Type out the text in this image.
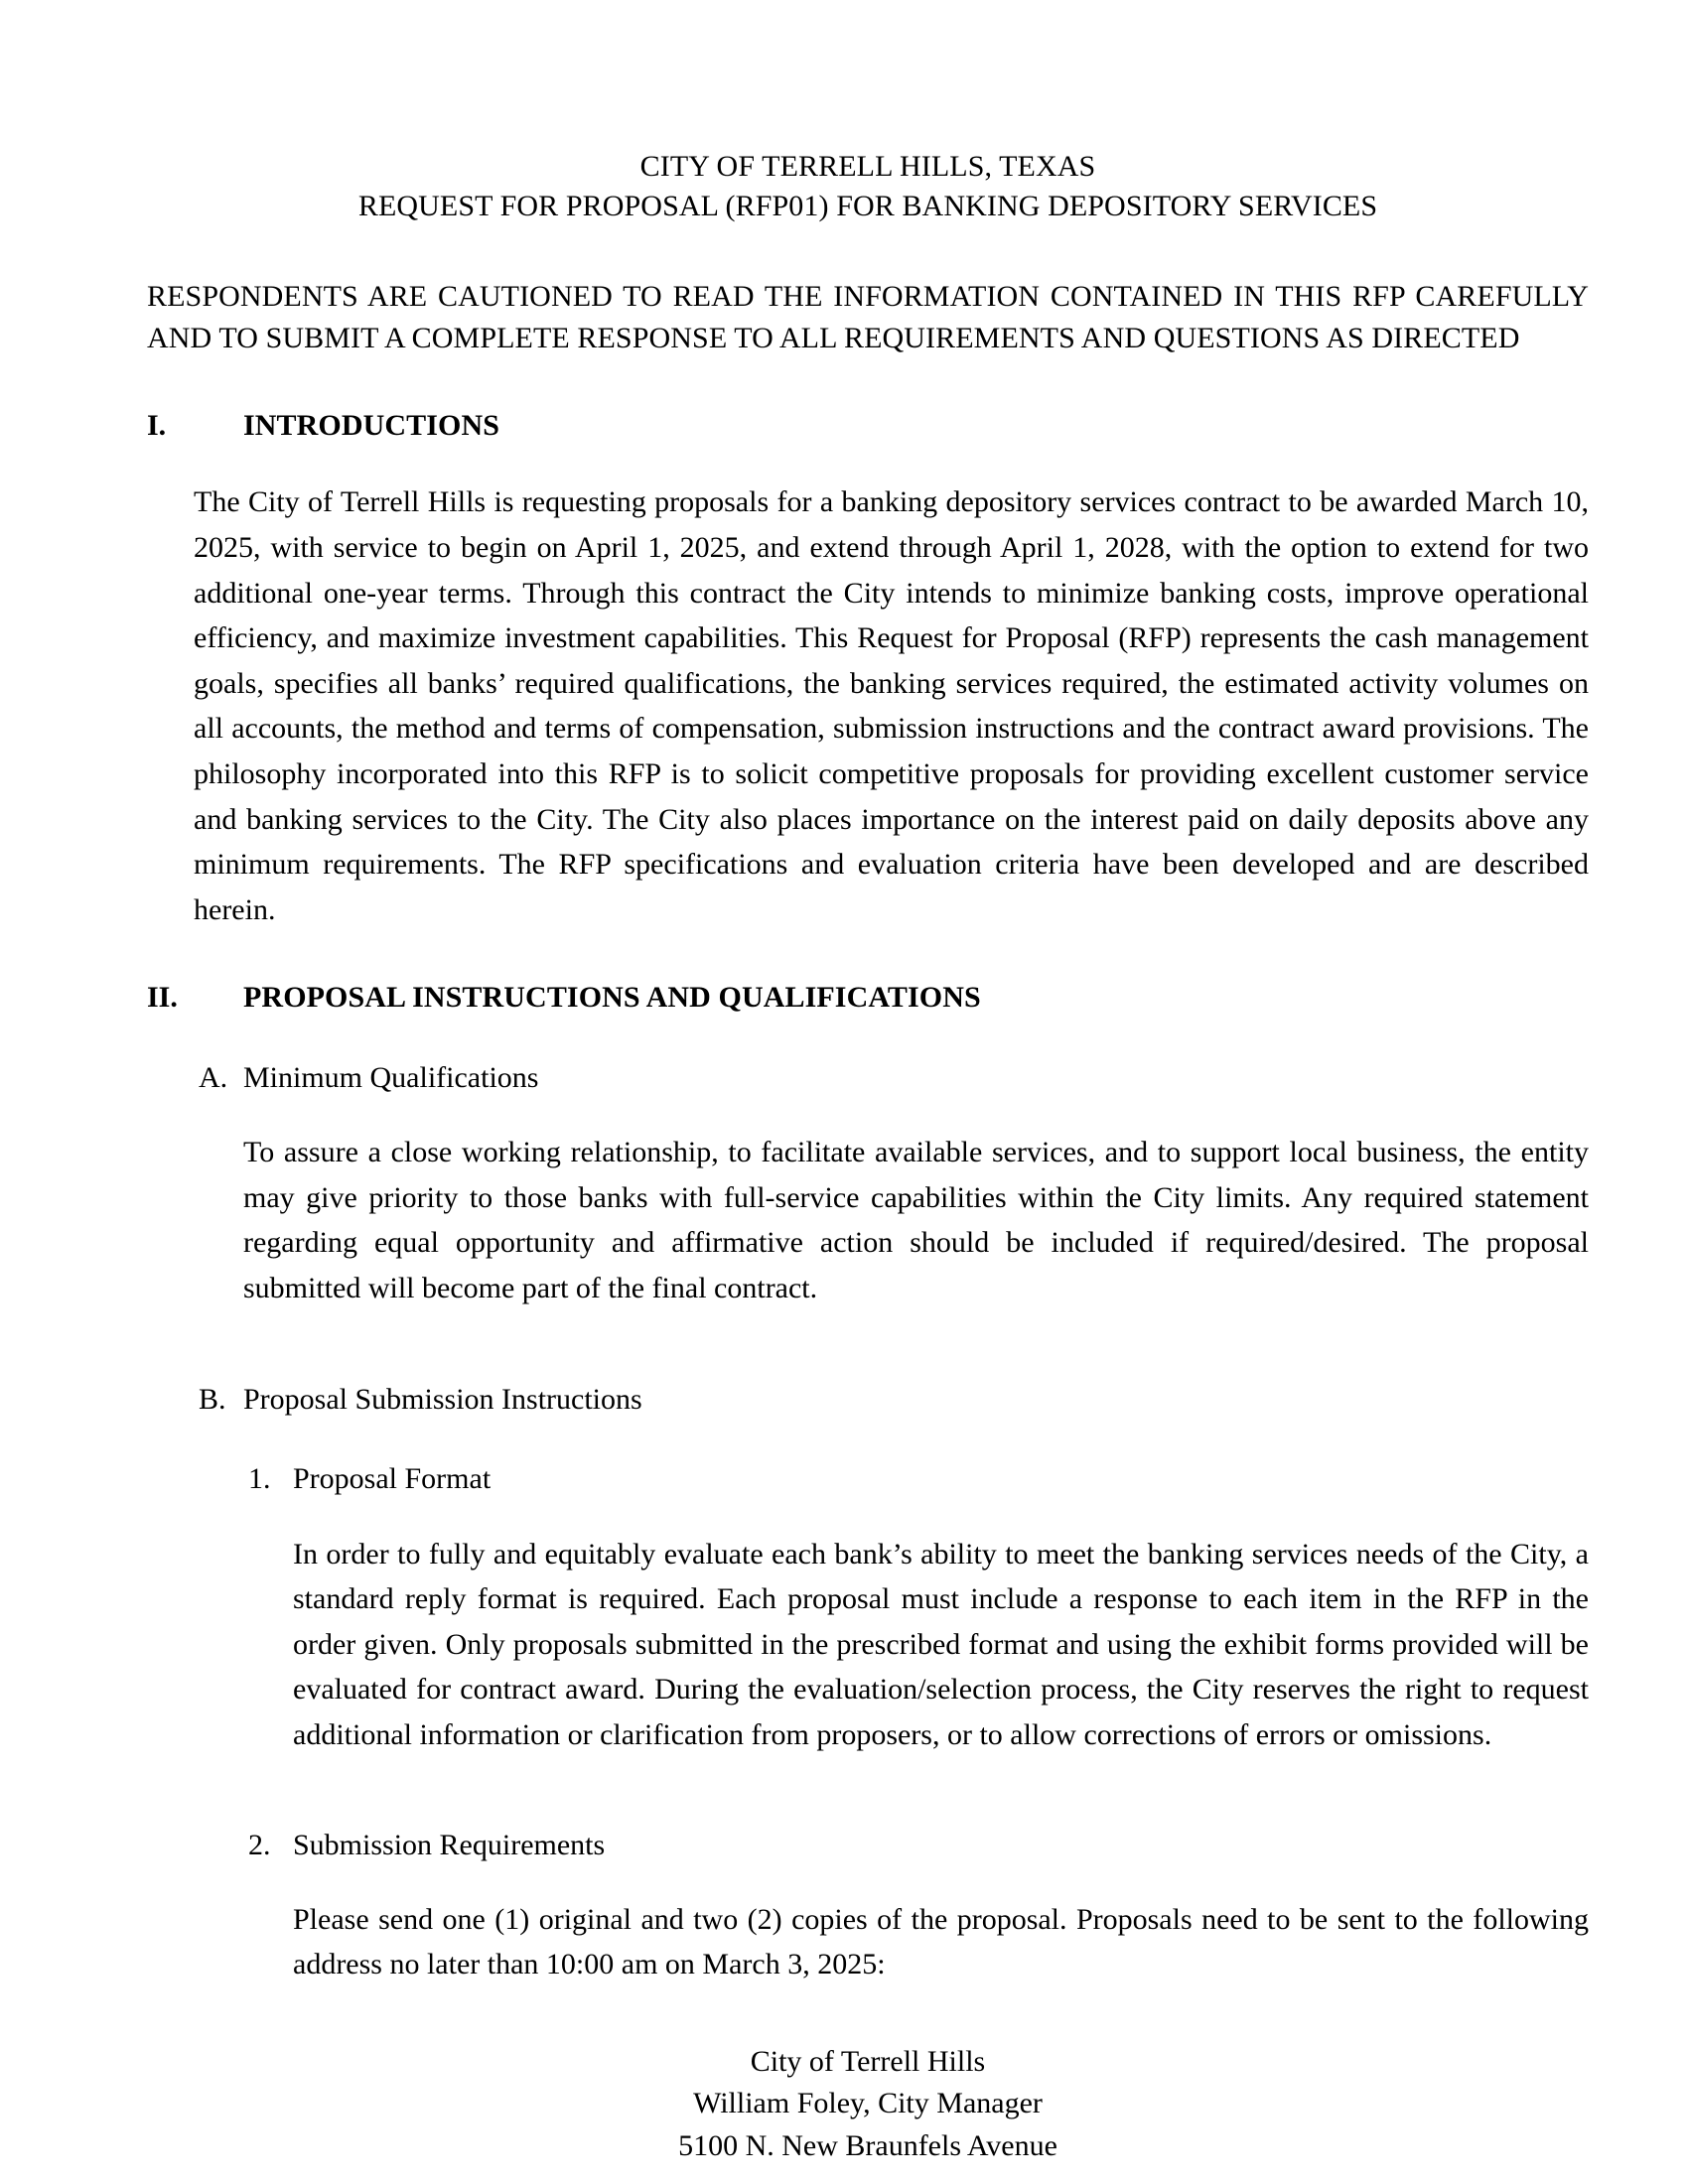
CITY OF TERRELL HILLS, TEXAS
REQUEST FOR PROPOSAL (RFP01) FOR BANKING DEPOSITORY SERVICES

RESPONDENTS ARE CAUTIONED TO READ THE INFORMATION CONTAINED IN THIS RFP CAREFULLY AND TO SUBMIT A COMPLETE RESPONSE TO ALL REQUIREMENTS AND QUESTIONS AS DIRECTED

I.	INTRODUCTIONS

The City of Terrell Hills is requesting proposals for a banking depository services contract to be awarded March 10, 2025, with service to begin on April 1, 2025, and extend through April 1, 2028, with the option to extend for two additional one-year terms. Through this contract the City intends to minimize banking costs, improve operational efficiency, and maximize investment capabilities. This Request for Proposal (RFP) represents the cash management goals, specifies all banks’ required qualifications, the banking services required, the estimated activity volumes on all accounts, the method and terms of compensation, submission instructions and the contract award provisions. The philosophy incorporated into this RFP is to solicit competitive proposals for providing excellent customer service and banking services to the City. The City also places importance on the interest paid on daily deposits above any minimum requirements. The RFP specifications and evaluation criteria have been developed and are described herein.

II.	PROPOSAL INSTRUCTIONS AND QUALIFICATIONS
A. Minimum Qualifications

To assure a close working relationship, to facilitate available services, and to support local business, the entity may give priority to those banks with full-service capabilities within the City limits. Any required statement regarding equal opportunity and affirmative action should be included if required/desired. The proposal submitted will become part of the final contract.

B. Proposal Submission Instructions
1. Proposal Format

In order to fully and equitably evaluate each bank’s ability to meet the banking services needs of the City, a standard reply format is required. Each proposal must include a response to each item in the RFP in the order given. Only proposals submitted in the prescribed format and using the exhibit forms provided will be evaluated for contract award. During the evaluation/selection process, the City reserves the right to request additional information or clarification from proposers, or to allow corrections of errors or omissions.

2. Submission Requirements

Please send one (1) original and two (2) copies of the proposal. Proposals need to be sent to the following address no later than 10:00 am on March 3, 2025:

City of Terrell Hills
William Foley, City Manager
5100 N. New Braunfels Avenue
